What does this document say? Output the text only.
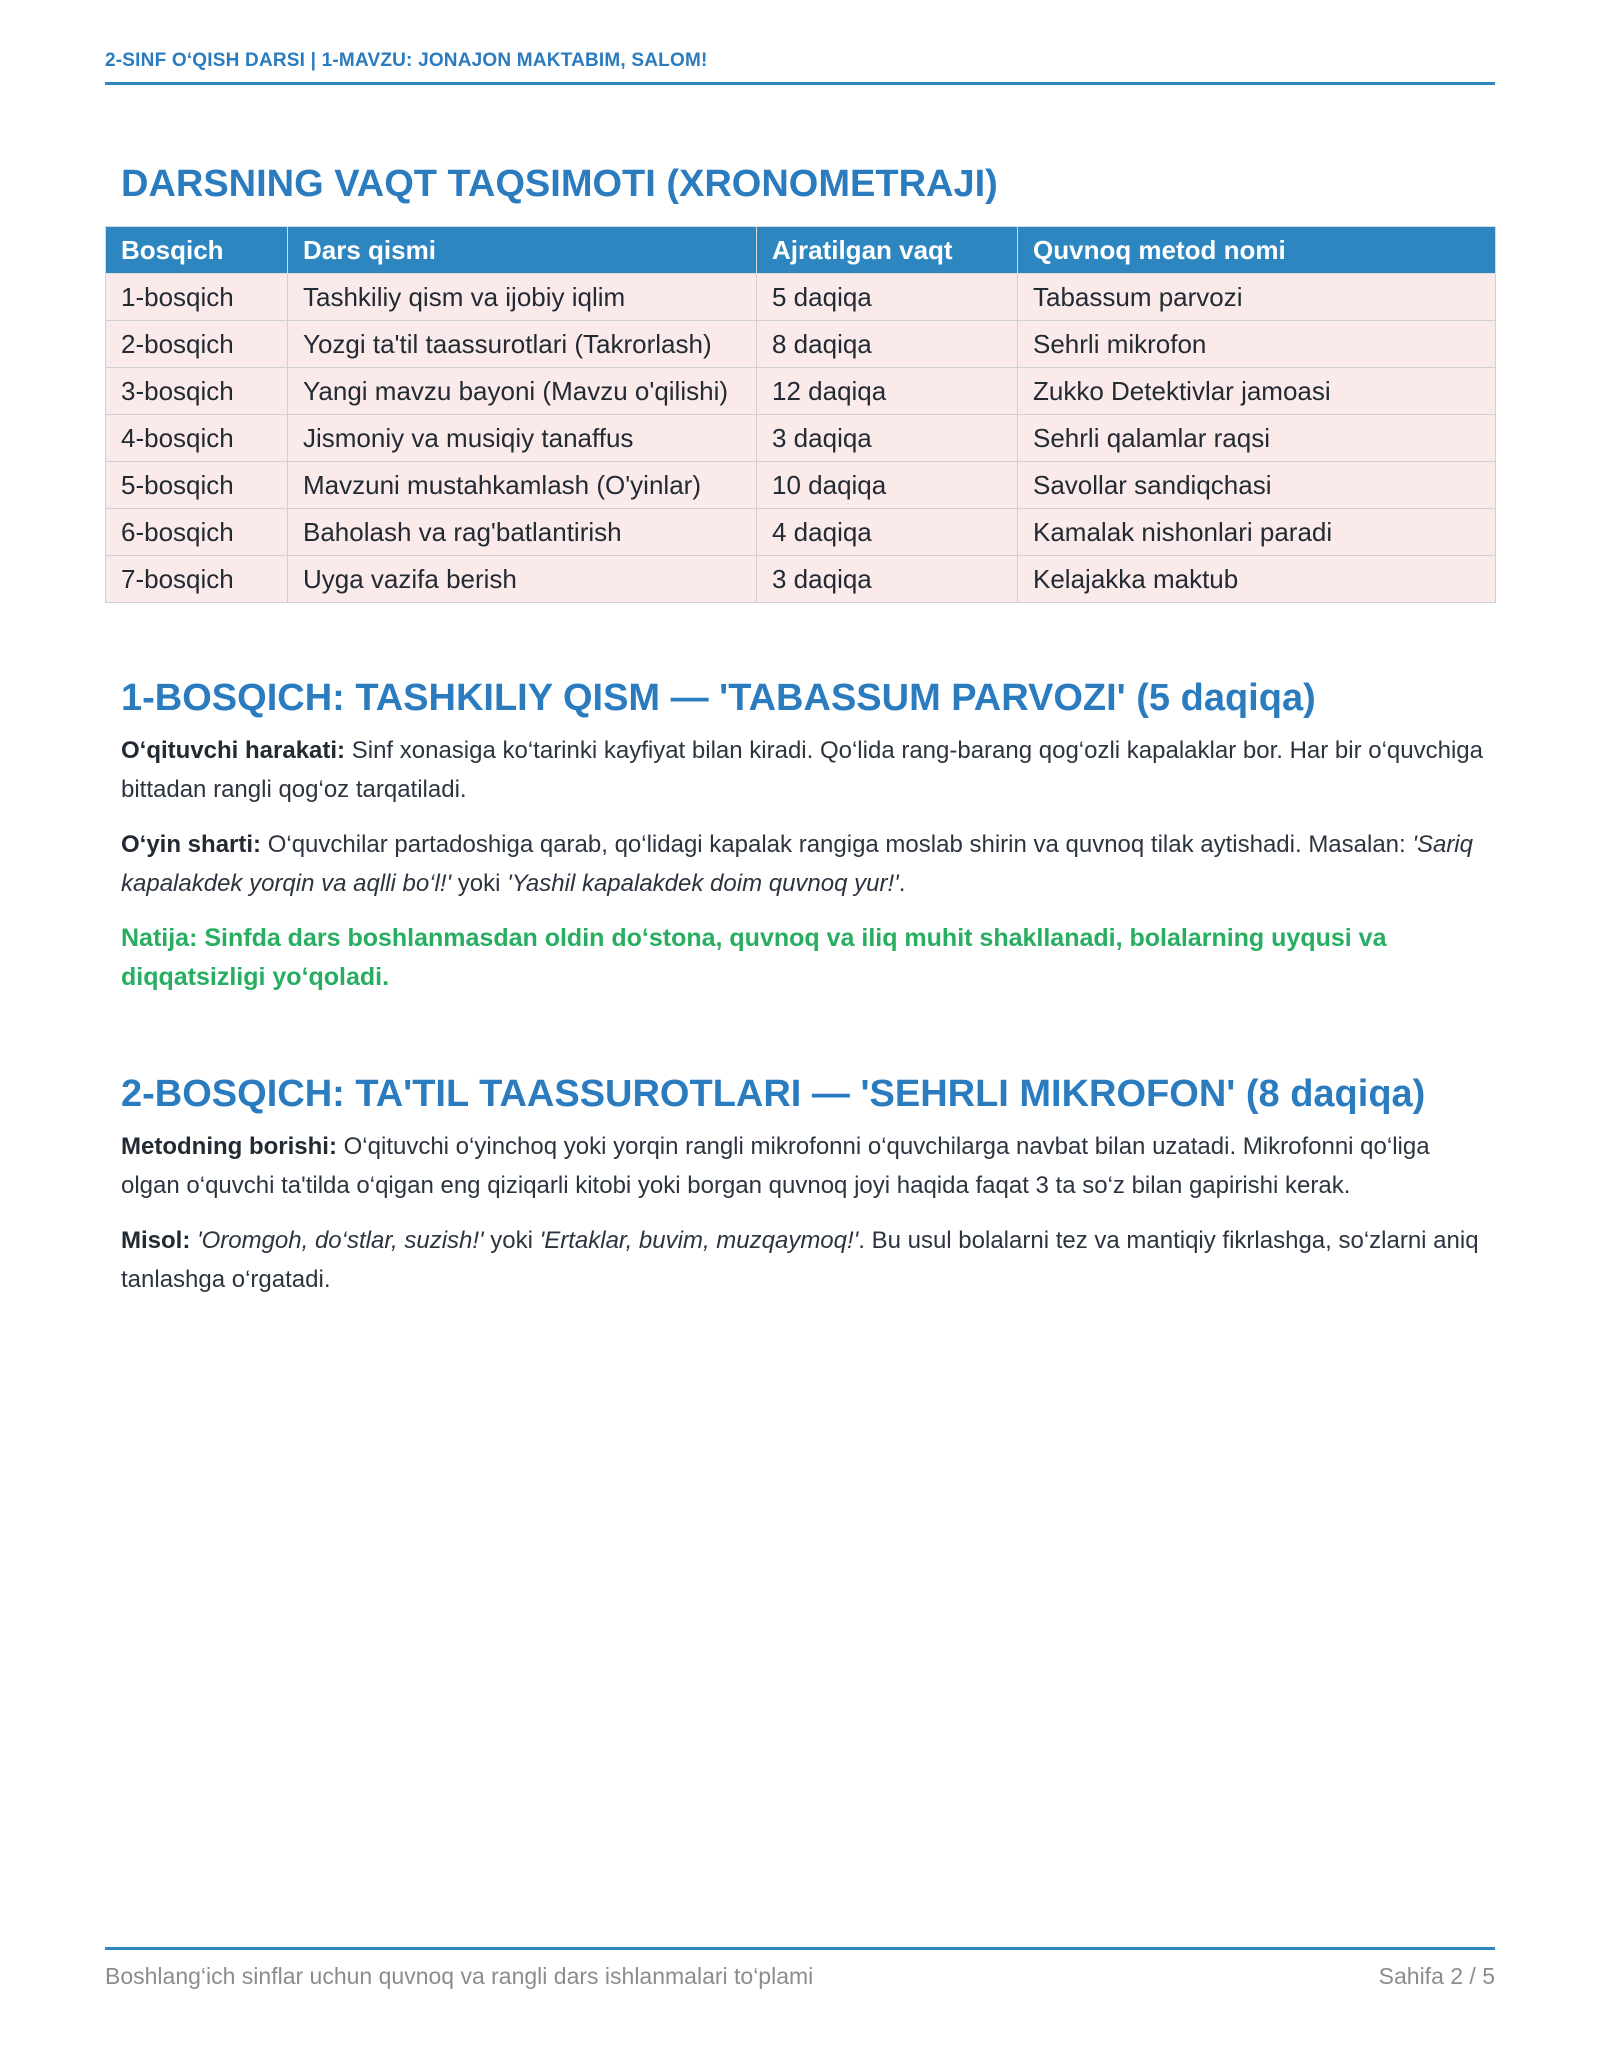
2-SINF O‘QISH DARSI | 1-MAVZU: JONAJON MAKTABIM, SALOM!
DARSNING VAQT TAQSIMOTI (XRONOMETRAJI)
Bosqich	Dars qismi	Ajratilgan vaqt	Quvnoq metod nomi
1-bosqich	Tashkiliy qism va ijobiy iqlim	5 daqiqa	Tabassum parvozi
2-bosqich	Yozgi ta'til taassurotlari (Takrorlash)	8 daqiqa	Sehrli mikrofon
3-bosqich	Yangi mavzu bayoni (Mavzu o'qilishi)	12 daqiqa	Zukko Detektivlar jamoasi
4-bosqich	Jismoniy va musiqiy tanaffus	3 daqiqa	Sehrli qalamlar raqsi
5-bosqich	Mavzuni mustahkamlash (O'yinlar)	10 daqiqa	Savollar sandiqchasi
6-bosqich	Baholash va rag'batlantirish	4 daqiqa	Kamalak nishonlari paradi
7-bosqich	Uyga vazifa berish	3 daqiqa	Kelajakka maktub
1-BOSQICH: TASHKILIY QISM — 'TABASSUM PARVOZI' (5 daqiqa)

O‘qituvchi harakati: Sinf xonasiga ko‘tarinki kayfiyat bilan kiradi. Qo‘lida rang-barang qog‘ozli kapalaklar bor. Har bir o‘quvchiga bittadan rangli qog‘oz tarqatiladi.

O‘yin sharti: O‘quvchilar partadoshiga qarab, qo‘lidagi kapalak rangiga moslab shirin va quvnoq tilak aytishadi. Masalan: 'Sariq kapalakdek yorqin va aqlli bo‘l!' yoki 'Yashil kapalakdek doim quvnoq yur!'.

Natija: Sinfda dars boshlanmasdan oldin do‘stona, quvnoq va iliq muhit shakllanadi, bolalarning uyqusi va diqqatsizligi yo‘qoladi.

2-BOSQICH: TA'TIL TAASSUROTLARI — 'SEHRLI MIKROFON' (8 daqiqa)

Metodning borishi: O‘qituvchi o‘yinchoq yoki yorqin rangli mikrofonni o‘quvchilarga navbat bilan uzatadi. Mikrofonni qo‘liga olgan o‘quvchi ta'tilda o‘qigan eng qiziqarli kitobi yoki borgan quvnoq joyi haqida faqat 3 ta so‘z bilan gapirishi kerak.

Misol: 'Oromgoh, do‘stlar, suzish!' yoki 'Ertaklar, buvim, muzqaymoq!'. Bu usul bolalarni tez va mantiqiy fikrlashga, so‘zlarni aniq tanlashga o‘rgatadi.

Boshlang‘ich sinflar uchun quvnoq va rangli dars ishlanmalari to‘plami	Sahifa 2 / 5
